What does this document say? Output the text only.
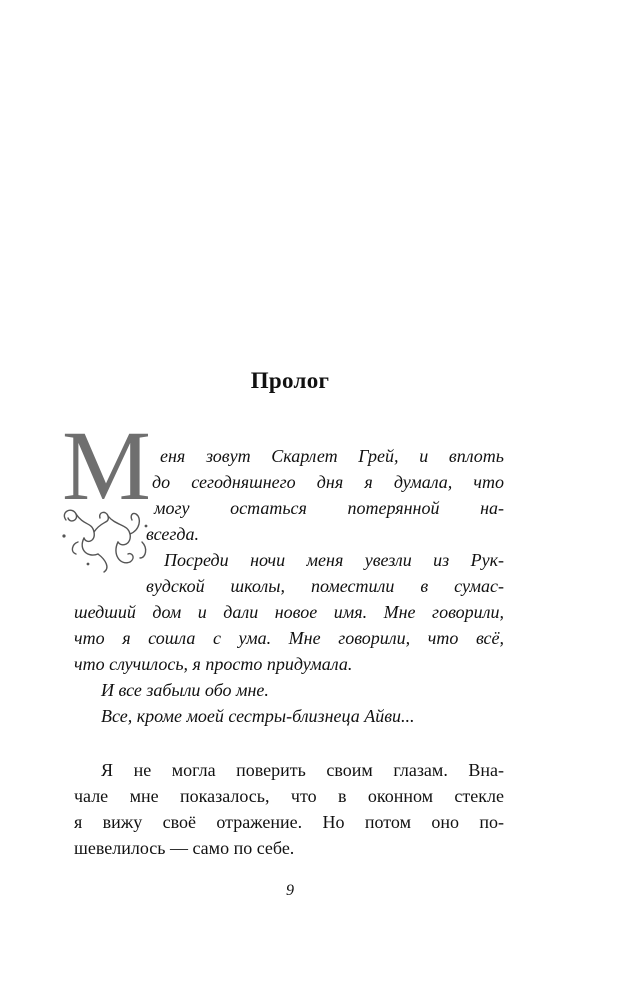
Пролог
М еня зовут Скарлет Грей, и вплоть
до сегодняшнего дня я думала, что
могу остаться потерянной на-
всегда.
Посреди ночи меня увезли из Рук-
вудской школы, поместили в сумас-
шедший дом и дали новое имя. Мне говорили,
что я сошла с ума. Мне говорили, что всё,
что случилось, я просто придумала.
И все забыли обо мне.
Все, кроме моей сестры-близнеца Айви...
Я не могла поверить своим глазам. Вна-
чале мне показалось, что в оконном стекле
я вижу своё отражение. Но потом оно по-
шевелилось — само по себе.
9
